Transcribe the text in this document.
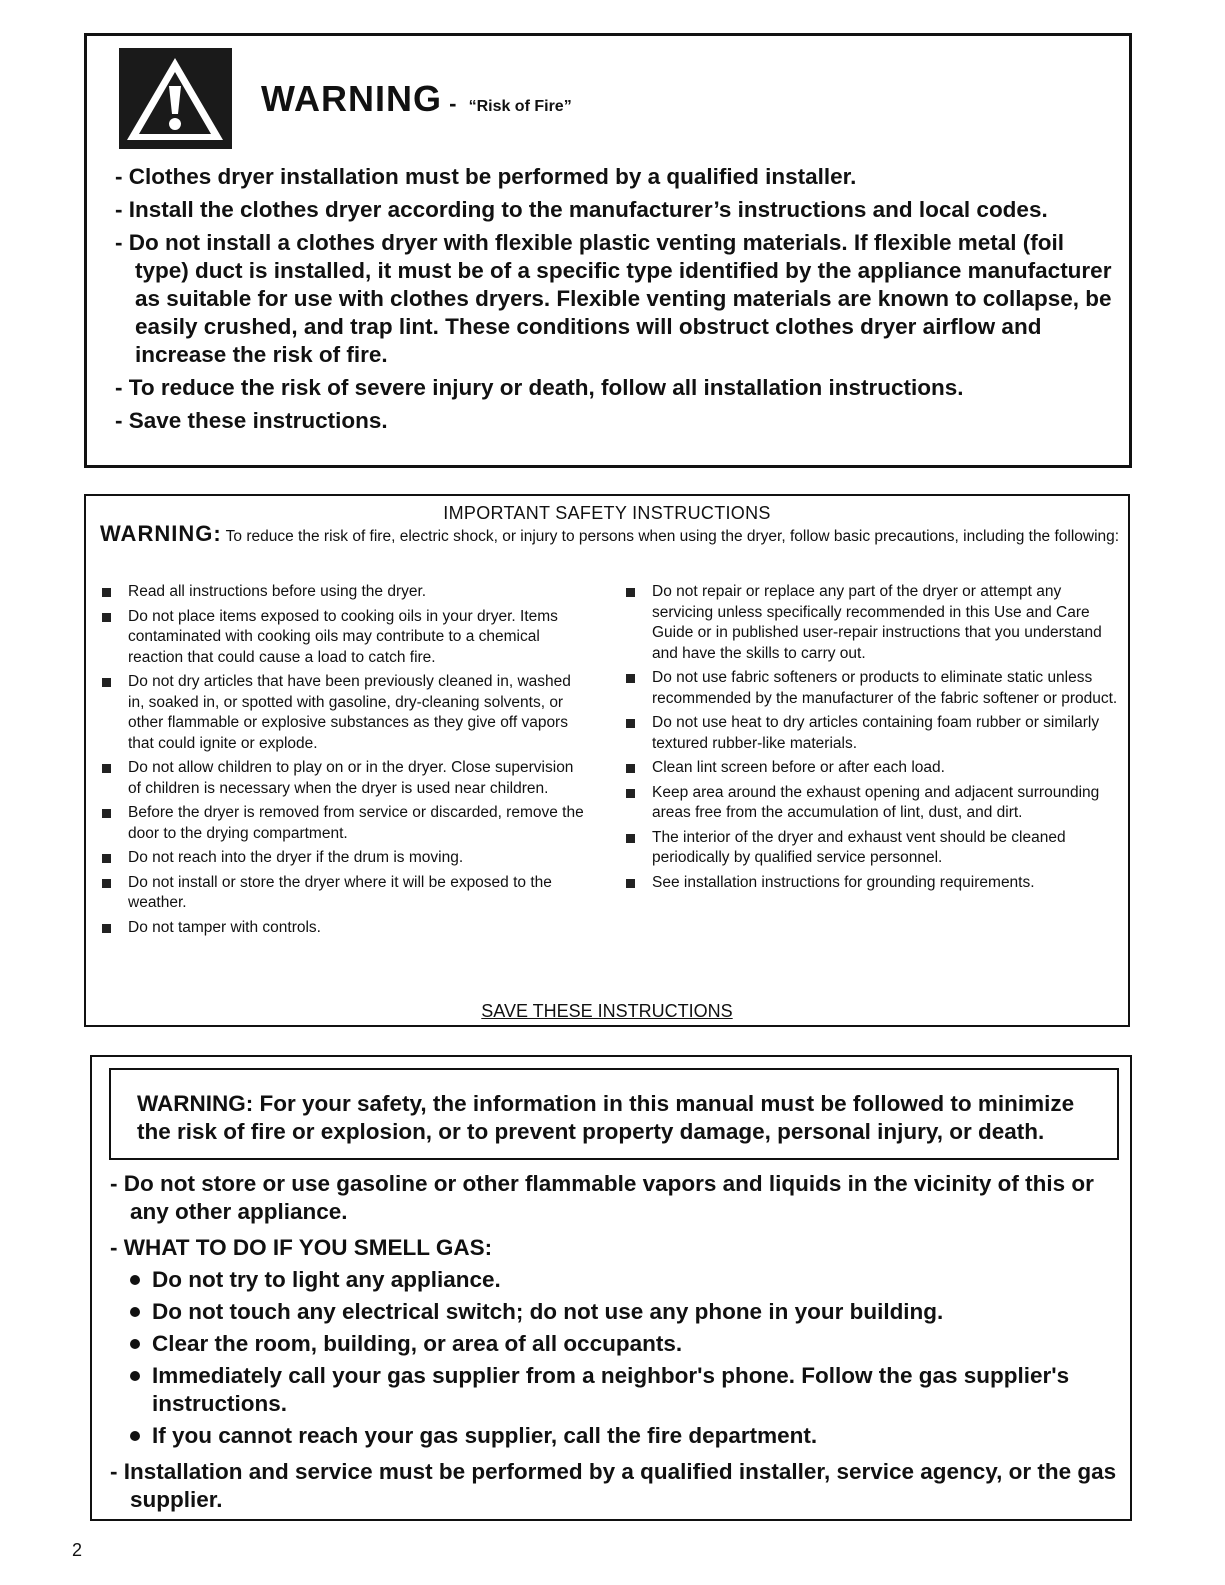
WARNING - “Risk of Fire”
- Clothes dryer installation must be performed by a qualified installer.
- Install the clothes dryer according to the manufacturer’s instructions and local codes.
- Do not install a clothes dryer with flexible plastic venting materials. If flexible metal (foil type) duct is installed, it must be of a specific type identified by the appliance manufacturer as suitable for use with clothes dryers. Flexible venting materials are known to collapse, be easily crushed, and trap lint. These conditions will obstruct clothes dryer airflow and increase the risk of fire.
- To reduce the risk of severe injury or death, follow all installation instructions.
- Save these instructions.
IMPORTANT SAFETY INSTRUCTIONS
WARNING: To reduce the risk of fire, electric shock, or injury to persons when using the dryer, follow basic precautions, including the following:
Read all instructions before using the dryer.
Do not place items exposed to cooking oils in your dryer. Items contaminated with cooking oils may contribute to a chemical reaction that could cause a load to catch fire.
Do not dry articles that have been previously cleaned in, washed in, soaked in, or spotted with gasoline, dry-cleaning solvents, or other flammable or explosive substances as they give off vapors that could ignite or explode.
Do not allow children to play on or in the dryer. Close supervision of children is necessary when the dryer is used near children.
Before the dryer is removed from service or discarded, remove the door to the drying compartment.
Do not reach into the dryer if the drum is moving.
Do not install or store the dryer where it will be exposed to the weather.
Do not tamper with controls.
Do not repair or replace any part of the dryer or attempt any servicing unless specifically recommended in this Use and Care Guide or in published user-repair instructions that you understand and have the skills to carry out.
Do not use fabric softeners or products to eliminate static unless recommended by the manufacturer of the fabric softener or product.
Do not use heat to dry articles containing foam rubber or similarly textured rubber-like materials.
Clean lint screen before or after each load.
Keep area around the exhaust opening and adjacent surrounding areas free from the accumulation of lint, dust, and dirt.
The interior of the dryer and exhaust vent should be cleaned periodically by qualified service personnel.
See installation instructions for grounding requirements.
SAVE THESE INSTRUCTIONS
WARNING: For your safety, the information in this manual must be followed to minimize the risk of fire or explosion, or to prevent property damage, personal injury, or death.
- Do not store or use gasoline or other flammable vapors and liquids in the vicinity of this or any other appliance.
- WHAT TO DO IF YOU SMELL GAS:
Do not try to light any appliance.
Do not touch any electrical switch; do not use any phone in your building.
Clear the room, building, or area of all occupants.
Immediately call your gas supplier from a neighbor's phone. Follow the gas supplier's instructions.
If you cannot reach your gas supplier, call the fire department.
- Installation and service must be performed by a qualified installer, service agency, or the gas supplier.
2
